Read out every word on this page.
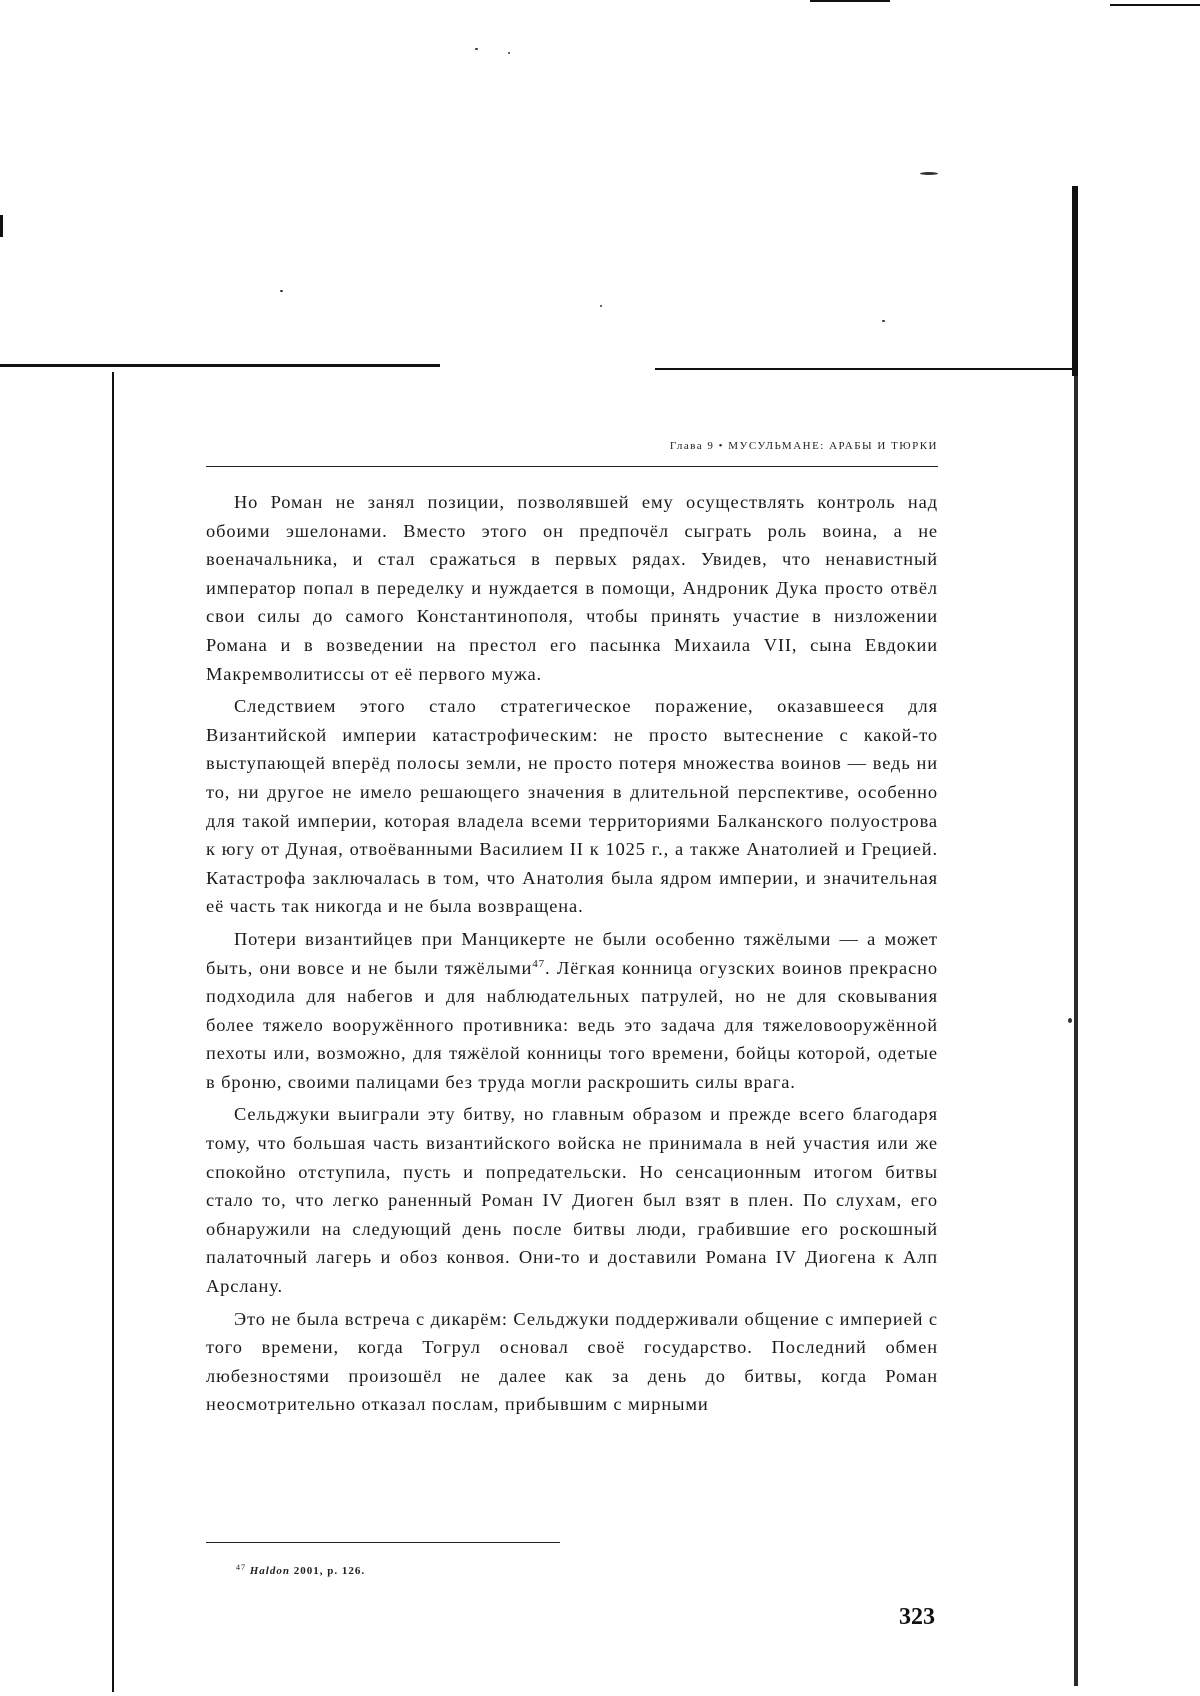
Глава 9 • МУСУЛЬМАНЕ: АРАБЫ И ТЮРКИ

Но Роман не занял позиции, позволявшей ему осуществлять контроль над обоими эшелонами. Вместо этого он предпочёл сыграть роль воина, а не военачальника, и стал сражаться в первых рядах. Увидев, что ненавистный император попал в переделку и нуждается в помощи, Андроник Дука просто отвёл свои силы до самого Константинополя, чтобы принять участие в низложении Романа и в возведении на престол его пасынка Михаила VII, сына Евдокии Макремволитиссы от её первого мужа.

Следствием этого стало стратегическое поражение, оказавшееся для Византийской империи катастрофическим: не просто вытеснение с какой-то выступающей вперёд полосы земли, не просто потеря множества воинов — ведь ни то, ни другое не имело решающего значения в длительной перспективе, особенно для такой империи, которая владела всеми территориями Балканского полуострова к югу от Дуная, отвоёванными Василием II к 1025 г., а также Анатолией и Грецией. Катастрофа заключалась в том, что Анатолия была ядром империи, и значительная её часть так никогда и не была возвращена.

Потери византийцев при Манцикерте не были особенно тяжёлыми — а может быть, они вовсе и не были тяжёлыми$^{47}$. Лёгкая конница огузских воинов прекрасно подходила для набегов и для наблюдательных патрулей, но не для сковывания более тяжело вооружённого противника: ведь это задача для тяжеловооружённой пехоты или, возможно, для тяжёлой конницы того времени, бойцы которой, одетые в броню, своими палицами без труда могли раскрошить силы врага.

Сельджуки выиграли эту битву, но главным образом и прежде всего благодаря тому, что большая часть византийского войска не принимала в ней участия или же спокойно отступила, пусть и попредательски. Но сенсационным итогом битвы стало то, что легко раненный Роман IV Диоген был взят в плен. По слухам, его обнаружили на следующий день после битвы люди, грабившие его роскошный палаточный лагерь и обоз конвоя. Они-то и доставили Романа IV Диогена к Алп Арслану.

Это не была встреча с дикарём: Сельджуки поддерживали общение с империей с того времени, когда Тогрул основал своё государство. Последний обмен любезностями произошёл не далее как за день до битвы, когда Роман неосмотрительно отказал послам, прибывшим с мирными

$^{47}$ Haldon 2001, p. 126.
323
